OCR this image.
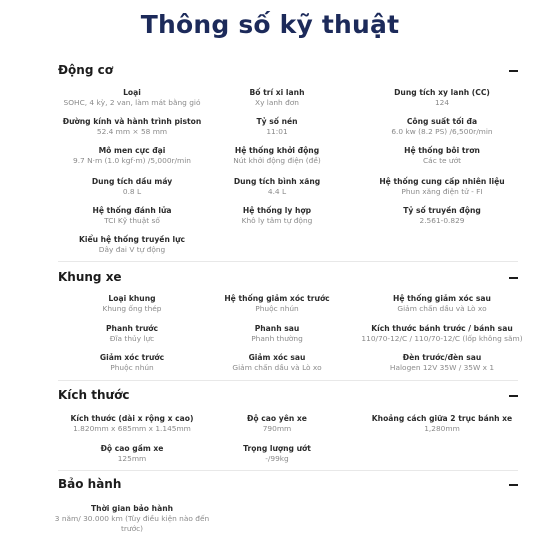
Thông số kỹ thuật
Động cơ
Loại
SOHC, 4 kỳ, 2 van, làm mát bằng gió
Bố trí xi lanh
Xy lanh đơn
Dung tích xy lanh (CC)
124
Đường kính và hành trình piston
52.4 mm × 58 mm
Tỷ số nén
11:01
Công suất tối đa
6.0 kw (8.2 PS) /6,500r/min
Mô men cực đại
9.7 N·m (1.0 kgf·m) /5,000r/min
Hệ thống khởi động
Nút khởi động điện (đề)
Hệ thống bôi trơn
Các te ướt
Dung tích dầu máy
0.8 L
Dung tích bình xăng
4.4 L
Hệ thống cung cấp nhiên liệu
Phun xăng điện tử - FI
Hệ thống đánh lửa
TCI Kỹ thuật số
Hệ thống ly hợp
Khô ly tâm tự động
Tỷ số truyền động
2.561-0.829
Kiểu hệ thống truyền lực
Dây đai V tự động
Khung xe
Loại khung
Khung ống thép
Hệ thống giảm xóc trước
Phuộc nhún
Hệ thống giảm xóc sau
Giảm chấn dầu và Lò xo
Phanh trước
Đĩa thủy lực
Phanh sau
Phanh thường
Kích thước bánh trước / bánh sau
110/70-12/C / 110/70-12/C (lốp không săm)
Giảm xóc trước
Phuộc nhún
Giảm xóc sau
Giảm chấn dầu và Lò xo
Đèn trước/đèn sau
Halogen 12V 35W / 35W x 1
Kích thước
Kích thước (dài x rộng x cao)
1.820mm x 685mm x 1.145mm
Độ cao yên xe
790mm
Khoảng cách giữa 2 trục bánh xe
1,280mm
Độ cao gầm xe
125mm
Trọng lượng ướt
-/99kg
Bảo hành
Thời gian bảo hành
3 năm/ 30.000 km (Tùy điều kiện nào đến trước)
